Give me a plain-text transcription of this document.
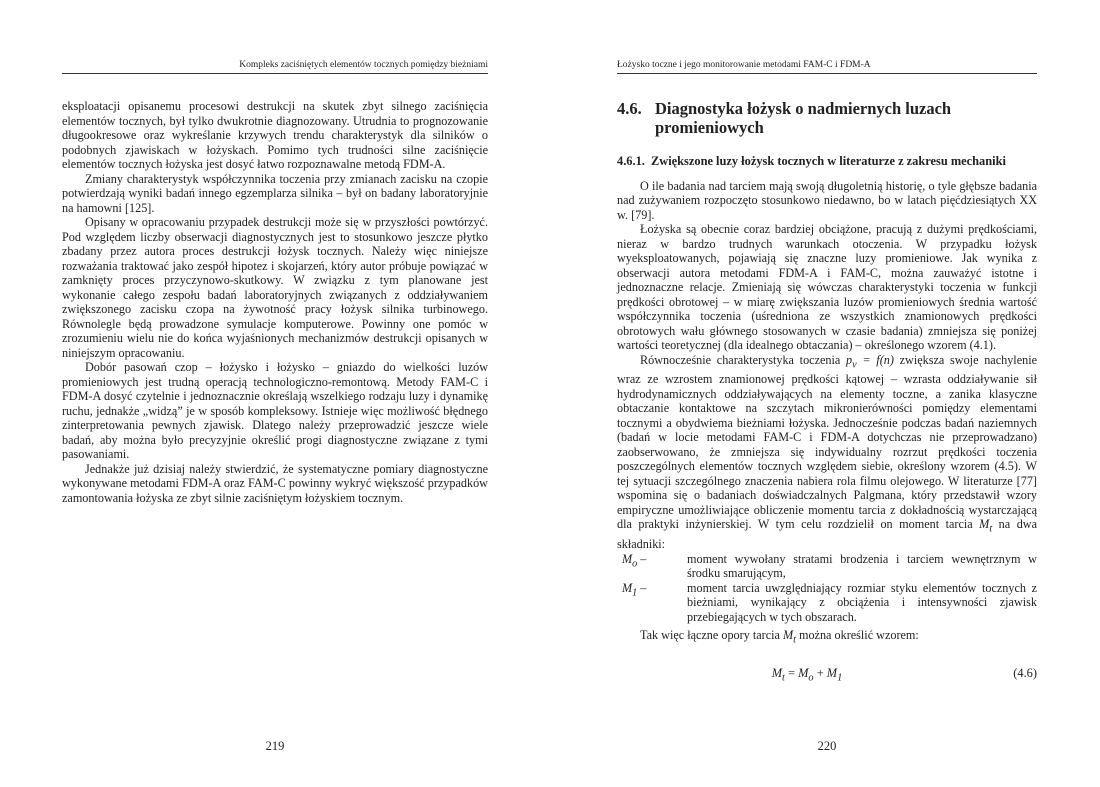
Kompleks zaciśniętych elementów tocznych pomiędzy bieżniami

eksploatacji opisanemu procesowi destrukcji na skutek zbyt silnego zaciśnięcia elementów tocznych, był tylko dwukrotnie diagnozowany. Utrudnia to prognozowanie długookresowe oraz wykreślanie krzywych trendu charakterystyk dla silników o podobnych zjawiskach w łożyskach. Pomimo tych trudności silne zaciśnięcie elementów tocznych łożyska jest dosyć łatwo rozpoznawalne metodą FDM-A.

Zmiany charakterystyk współczynnika toczenia przy zmianach zacisku na czopie potwierdzają wyniki badań innego egzemplarza silnika – był on badany laboratoryjnie na hamowni [125].

Opisany w opracowaniu przypadek destrukcji może się w przyszłości powtórzyć. Pod względem liczby obserwacji diagnostycznych jest to stosunkowo jeszcze płytko zbadany przez autora proces destrukcji łożysk tocznych. Należy więc niniejsze rozważania traktować jako zespół hipotez i skojarzeń, który autor próbuje powiązać w zamknięty proces przyczynowo-skutkowy. W związku z tym planowane jest wykonanie całego zespołu badań laboratoryjnych związanych z oddziaływaniem zwiększonego zacisku czopa na żywotność pracy łożysk silnika turbinowego. Równolegle będą prowadzone symulacje komputerowe. Powinny one pomóc w zrozumieniu wielu nie do końca wyjaśnionych mechanizmów destrukcji opisanych w niniejszym opracowaniu.

Dobór pasowań czop – łożysko i łożysko – gniazdo do wielkości luzów promieniowych jest trudną operacją technologiczno-remontową. Metody FAM-C i FDM-A dosyć czytelnie i jednoznacznie określają wszelkiego rodzaju luzy i dynamikę ruchu, jednakże „widzą” je w sposób kompleksowy. Istnieje więc możliwość błędnego zinterpretowania pewnych zjawisk. Dlatego należy przeprowadzić jeszcze wiele badań, aby można było precyzyjnie określić progi diagnostyczne związane z tymi pasowaniami.

Jednakże już dzisiaj należy stwierdzić, że systematyczne pomiary diagnostyczne wykonywane metodami FDM-A oraz FAM-C powinny wykryć większość przypadków zamontowania łożyska ze zbyt silnie zaciśniętym łożyskiem tocznym.

219
Łożysko toczne i jego monitorowanie metodami FAM-C i FDM-A
4.6. Diagnostyka łożysk o nadmiernych luzach promieniowych
4.6.1. Zwiększone luzy łożysk tocznych w literaturze z zakresu mechaniki

O ile badania nad tarciem mają swoją długoletnią historię, o tyle głębsze badania nad zużywaniem rozpoczęto stosunkowo niedawno, bo w latach pięćdziesiątych XX w. [79].

Łożyska są obecnie coraz bardziej obciążone, pracują z dużymi prędkościami, nieraz w bardzo trudnych warunkach otoczenia. W przypadku łożysk wyeksploatowanych, pojawiają się znaczne luzy promieniowe. Jak wynika z obserwacji autora metodami FDM-A i FAM-C, można zauważyć istotne i jednoznaczne relacje. Zmieniają się wówczas charakterystyki toczenia w funkcji prędkości obrotowej – w miarę zwiększania luzów promieniowych średnia wartość współczynnika toczenia (uśredniona ze wszystkich znamionowych prędkości obrotowych wału głównego stosowanych w czasie badania) zmniejsza się poniżej wartości teoretycznej (dla idealnego obtaczania) – określonego wzorem (4.1).

Równocześnie charakterystyka toczenia $p_v = f(n)$ zwiększa swoje nachylenie wraz ze wzrostem znamionowej prędkości kątowej – wzrasta oddziaływanie sił hydrodynamicznych oddziaływających na elementy toczne, a zanika klasyczne obtaczanie kontaktowe na szczytach mikronierówności pomiędzy elementami tocznymi a obydwiema bieżniami łożyska. Jednocześnie podczas badań naziemnych (badań w locie metodami FAM-C i FDM-A dotychczas nie przeprowadzano) zaobserwowano, że zmniejsza się indywidualny rozrzut prędkości toczenia poszczególnych elementów tocznych względem siebie, określony wzorem (4.5). W tej sytuacji szczególnego znaczenia nabiera rola filmu olejowego. W literaturze [77] wspomina się o badaniach doświadczalnych Palgmana, który przedstawił wzory empiryczne umożliwiające obliczenie momentu tarcia z dokładnością wystarczającą dla praktyki inżynierskiej. W tym celu rozdzielił on moment tarcia $M_t$ na dwa składniki:

$M_o$ –	moment wywołany stratami brodzenia i tarciem wewnętrznym w środku smarującym,
$M_1$ –	moment tarcia uwzględniający rozmiar styku elementów tocznych z bieżniami, wynikający z obciążenia i intensywności zjawisk przebiegających w tych obszarach.

Tak więc łączne opory tarcia $M_t$ można określić wzorem:

$M_t = M_o + M_1$	(4.6)
220
